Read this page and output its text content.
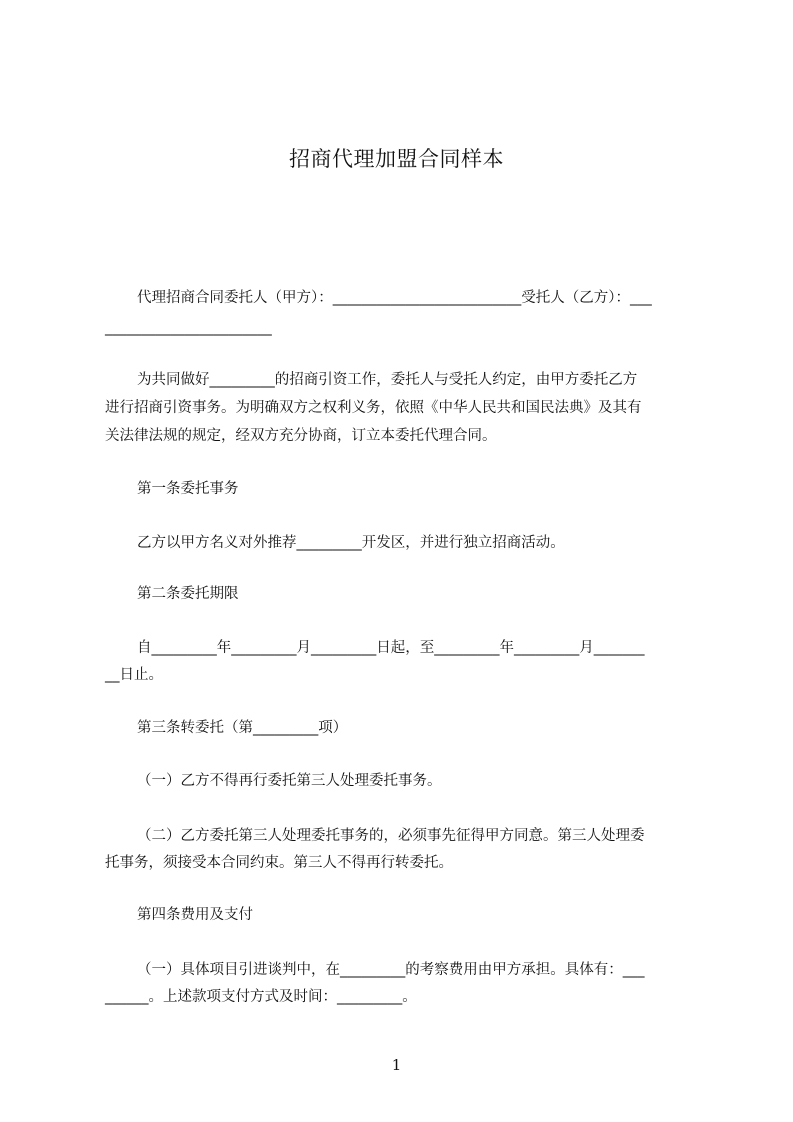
招商代理加盟合同样本
代理招商合同委托人（甲方）：__________________________受托人（乙方）：___
_______________________
为共同做好_________的招商引资工作，委托人与受托人约定，由甲方委托乙方
进行招商引资事务。为明确双方之权利义务，依照《中华人民共和国民法典》及其有
关法律法规的规定，经双方充分协商，订立本委托代理合同。
第一条委托事务
乙方以甲方名义对外推荐_________开发区，并进行独立招商活动。
第二条委托期限
自_________年_________月_________日起，至_________年_________月_______
__日止。
第三条转委托（第_________项）
（一）乙方不得再行委托第三人处理委托事务。
（二）乙方委托第三人处理委托事务的，必须事先征得甲方同意。第三人处理委
托事务，须接受本合同约束。第三人不得再行转委托。
第四条费用及支付
（一）具体项目引进谈判中，在_________的考察费用由甲方承担。具体有：___
______。上述款项支付方式及时间：_________。
1
